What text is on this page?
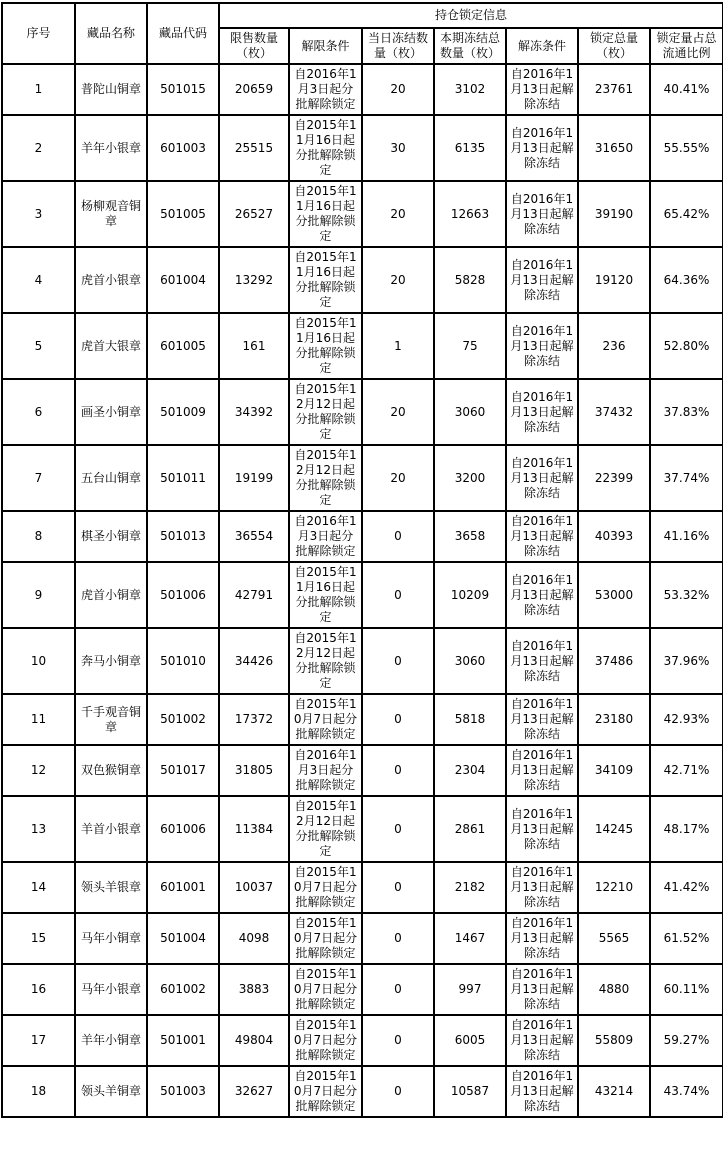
序号	藏品名称	藏品代码	持仓锁定信息						
			限售数量（枚）	解限条件	当日冻结数量（枚）	本期冻结总数量（枚）	解冻条件	锁定总量（枚）	锁定量占总流通比例
1	普陀山铜章	501015	20659	自2016年1月3日起分批解除锁定	20	3102	自2016年1月13日起解除冻结	23761	40.41%
2	羊年小银章	601003	25515	自2015年11月16日起分批解除锁定	30	6135	自2016年1月13日起解除冻结	31650	55.55%
3	杨柳观音铜章	501005	26527	自2015年11月16日起分批解除锁定	20	12663	自2016年1月13日起解除冻结	39190	65.42%
4	虎首小银章	601004	13292	自2015年11月16日起分批解除锁定	20	5828	自2016年1月13日起解除冻结	19120	64.36%
5	虎首大银章	601005	161	自2015年11月16日起分批解除锁定	1	75	自2016年1月13日起解除冻结	236	52.80%
6	画圣小铜章	501009	34392	自2015年12月12日起分批解除锁定	20	3060	自2016年1月13日起解除冻结	37432	37.83%
7	五台山铜章	501011	19199	自2015年12月12日起分批解除锁定	20	3200	自2016年1月13日起解除冻结	22399	37.74%
8	棋圣小铜章	501013	36554	自2016年1月3日起分批解除锁定	0	3658	自2016年1月13日起解除冻结	40393	41.16%
9	虎首小铜章	501006	42791	自2015年11月16日起分批解除锁定	0	10209	自2016年1月13日起解除冻结	53000	53.32%
10	奔马小铜章	501010	34426	自2015年12月12日起分批解除锁定	0	3060	自2016年1月13日起解除冻结	37486	37.96%
11	千手观音铜章	501002	17372	自2015年10月7日起分批解除锁定	0	5818	自2016年1月13日起解除冻结	23180	42.93%
12	双色猴铜章	501017	31805	自2016年1月3日起分批解除锁定	0	2304	自2016年1月13日起解除冻结	34109	42.71%
13	羊首小银章	601006	11384	自2015年12月12日起分批解除锁定	0	2861	自2016年1月13日起解除冻结	14245	48.17%
14	领头羊银章	601001	10037	自2015年10月7日起分批解除锁定	0	2182	自2016年1月13日起解除冻结	12210	41.42%
15	马年小铜章	501004	4098	自2015年10月7日起分批解除锁定	0	1467	自2016年1月13日起解除冻结	5565	61.52%
16	马年小银章	601002	3883	自2015年10月7日起分批解除锁定	0	997	自2016年1月13日起解除冻结	4880	60.11%
17	羊年小铜章	501001	49804	自2015年10月7日起分批解除锁定	0	6005	自2016年1月13日起解除冻结	55809	59.27%
18	领头羊铜章	501003	32627	自2015年10月7日起分批解除锁定	0	10587	自2016年1月13日起解除冻结	43214	43.74%
